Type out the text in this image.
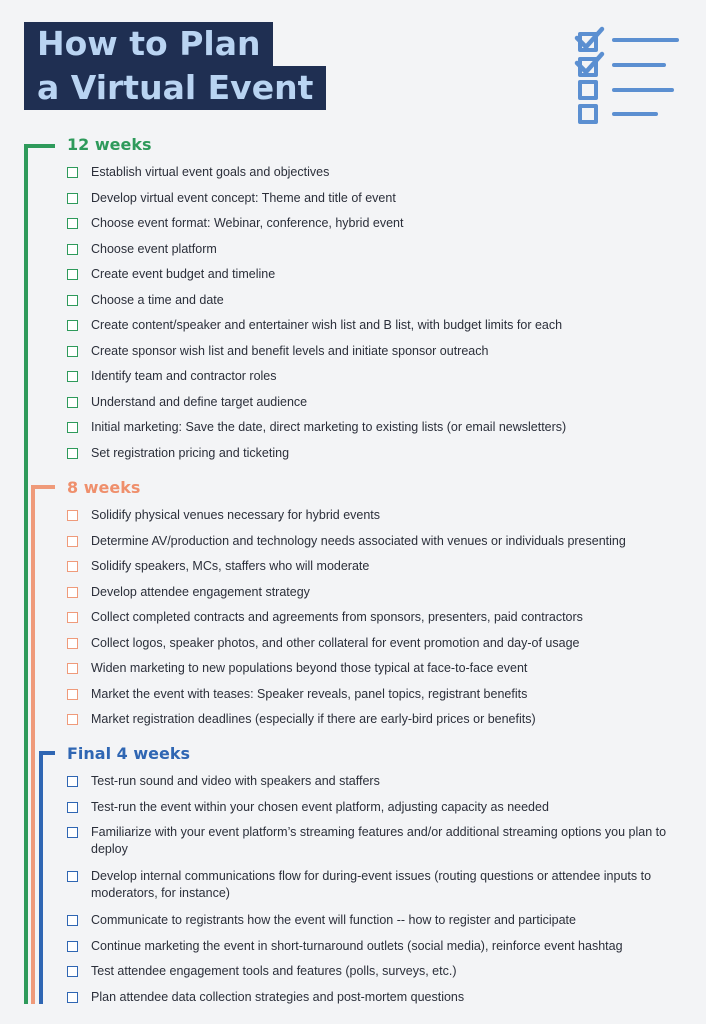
How to Plan
a Virtual Event
12 weeks
Establish virtual event goals and objectives
Develop virtual event concept: Theme and title of event
Choose event format: Webinar, conference, hybrid event
Choose event platform
Create event budget and timeline
Choose a time and date
Create content/speaker and entertainer wish list and B list, with budget limits for each
Create sponsor wish list and benefit levels and initiate sponsor outreach
Identify team and contractor roles
Understand and define target audience
Initial marketing: Save the date, direct marketing to existing lists (or email newsletters)
Set registration pricing and ticketing
8 weeks
Solidify physical venues necessary for hybrid events
Determine AV/production and technology needs associated with venues or individuals presenting
Solidify speakers, MCs, staffers who will moderate
Develop attendee engagement strategy
Collect completed contracts and agreements from sponsors, presenters, paid contractors
Collect logos, speaker photos, and other collateral for event promotion and day-of usage
Widen marketing to new populations beyond those typical at face-to-face event
Market the event with teases: Speaker reveals, panel topics, registrant benefits
Market registration deadlines (especially if there are early-bird prices or benefits)
Final 4 weeks
Test-run sound and video with speakers and staffers
Test-run the event within your chosen event platform, adjusting capacity as needed
Familiarize with your event platform’s streaming features and/or additional streaming options you plan to deploy
Develop internal communications flow for during-event issues (routing questions or attendee inputs to moderators, for instance)
Communicate to registrants how the event will function -- how to register and participate
Continue marketing the event in short-turnaround outlets (social media), reinforce event hashtag
Test attendee engagement tools and features (polls, surveys, etc.)
Plan attendee data collection strategies and post-mortem questions
